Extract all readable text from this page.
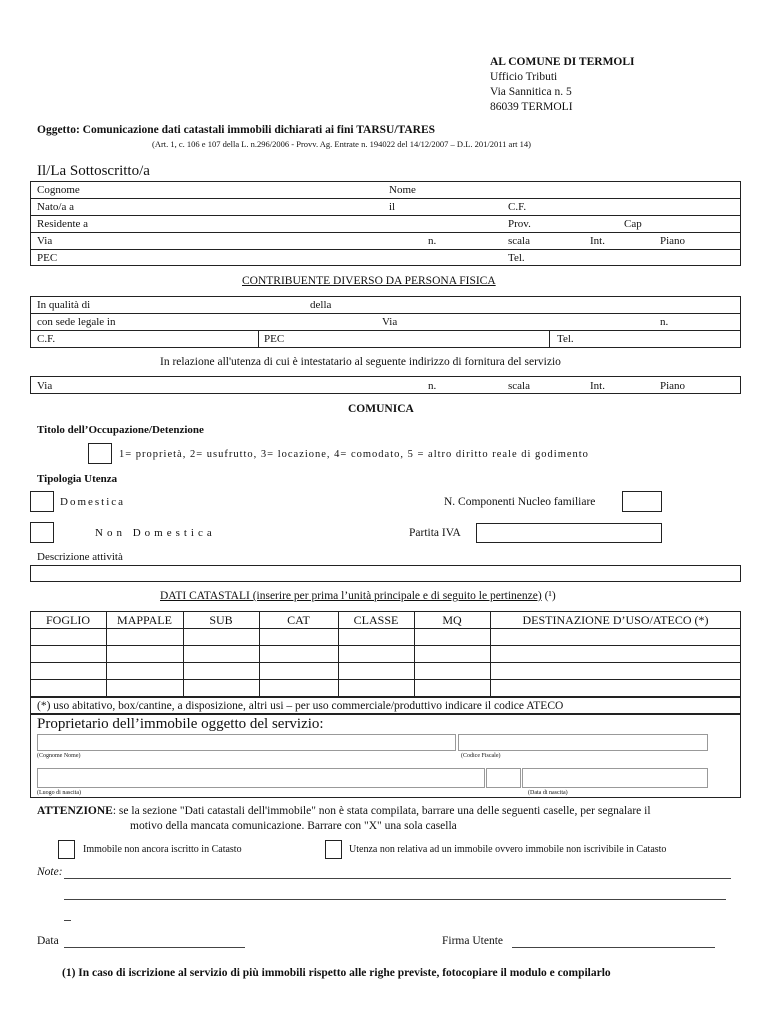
AL COMUNE DI TERMOLI
Ufficio Tributi
Via Sannitica n. 5
86039 TERMOLI
Oggetto: Comunicazione dati catastali immobili dichiarati ai fini TARSU/TARES
(Art. 1, c. 106 e 107 della L. n.296/2006 - Provv. Ag. Entrate n. 194022 del 14/12/2007 – D.L. 201/2011 art 14)
Il/La Sottoscritto/a
Cognome	Nome
Nato/a a	il	C.F.
Residente a	Prov.	Cap
Via	n.	scala	Int.	Piano
PEC	Tel.
CONTRIBUENTE DIVERSO DA PERSONA FISICA
In qualità di	della
con sede legale in	Via	n.
C.F.	PEC	Tel.
In relazione all'utenza di cui è intestatario al seguente indirizzo di fornitura del servizio
Via	n.	scala	Int.	Piano
COMUNICA
Titolo dell’Occupazione/Detenzione
1= proprietà, 2= usufrutto, 3= locazione, 4= comodato, 5 = altro diritto reale di godimento
Tipologia Utenza
Domestica	N. Componenti Nucleo familiare
Non Domestica	Partita IVA
Descrizione attività
DATI CATASTALI (inserire per prima l’unità principale e di seguito le pertinenze) (¹)
FOGLIO	MAPPALE	SUB	CAT	CLASSE	MQ	DESTINAZIONE D’USO/ATECO (*)
(*) uso abitativo, box/cantine, a disposizione, altri usi – per uso commerciale/produttivo indicare il codice ATECO
Proprietario dell’immobile oggetto del servizio:
(Cognome Nome)	(Codice Fiscale)
(Luogo di nascita)	(Data di nascita)
ATTENZIONE: se la sezione "Dati catastali dell'immobile" non è stata compilata, barrare una delle seguenti caselle, per segnalare il
motivo della mancata comunicazione. Barrare con "X" una sola casella
Immobile non ancora iscritto in Catasto	Utenza non relativa ad un immobile ovvero immobile non iscrivibile in Catasto
Note:
Data	Firma Utente
(1) In caso di iscrizione al servizio di più immobili rispetto alle righe previste, fotocopiare il modulo e compilarlo
